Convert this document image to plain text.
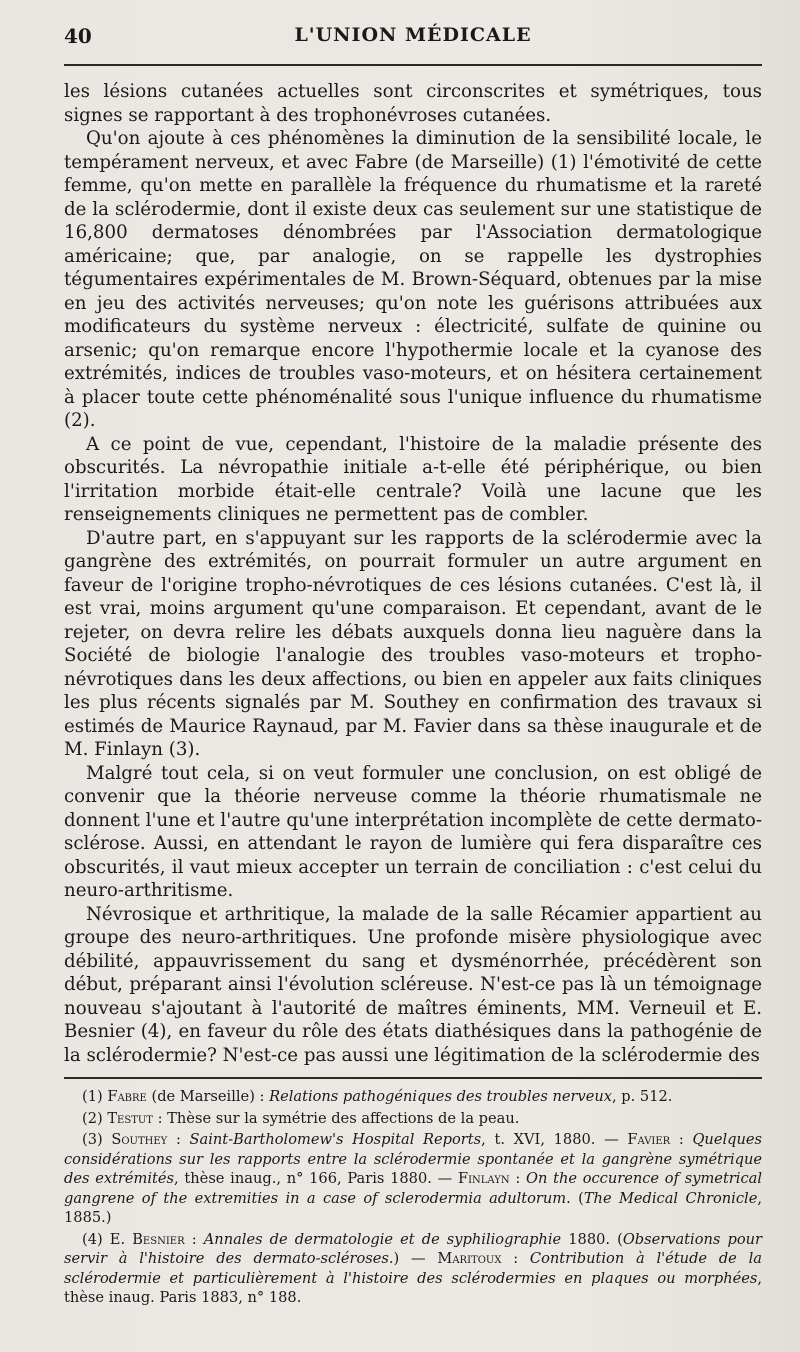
40	L'UNION MÉDICALE

les lésions cutanées actuelles sont circonscrites et symétriques, tous signes se rapportant à des trophonévroses cutanées.

Qu'on ajoute à ces phénomènes la diminution de la sensibilité locale, le tempérament nerveux, et avec Fabre (de Marseille) (1) l'émotivité de cette femme, qu'on mette en parallèle la fréquence du rhumatisme et la rareté de la sclérodermie, dont il existe deux cas seulement sur une statistique de 16,800 dermatoses dénombrées par l'Association dermatologique américaine; que, par analogie, on se rappelle les dystrophies tégumentaires expérimentales de M. Brown-Séquard, obtenues par la mise en jeu des activités nerveuses; qu'on note les guérisons attribuées aux modificateurs du système nerveux : électricité, sulfate de quinine ou arsenic; qu'on remarque encore l'hypothermie locale et la cyanose des extrémités, indices de troubles vaso-moteurs, et on hésitera certainement à placer toute cette phénoménalité sous l'unique influence du rhumatisme (2).

A ce point de vue, cependant, l'histoire de la maladie présente des obscurités. La névropathie initiale a-t-elle été périphérique, ou bien l'irritation morbide était-elle centrale? Voilà une lacune que les renseignements cliniques ne permettent pas de combler.

D'autre part, en s'appuyant sur les rapports de la sclérodermie avec la gangrène des extrémités, on pourrait formuler un autre argument en faveur de l'origine tropho-névrotiques de ces lésions cutanées. C'est là, il est vrai, moins argument qu'une comparaison. Et cependant, avant de le rejeter, on devra relire les débats auxquels donna lieu naguère dans la Société de biologie l'analogie des troubles vaso-moteurs et tropho-névrotiques dans les deux affections, ou bien en appeler aux faits cliniques les plus récents signalés par M. Southey en confirmation des travaux si estimés de Maurice Raynaud, par M. Favier dans sa thèse inaugurale et de M. Finlayn (3).

Malgré tout cela, si on veut formuler une conclusion, on est obligé de convenir que la théorie nerveuse comme la théorie rhumatismale ne donnent l'une et l'autre qu'une interprétation incomplète de cette dermato-sclérose. Aussi, en attendant le rayon de lumière qui fera disparaître ces obscurités, il vaut mieux accepter un terrain de conciliation : c'est celui du neuro-arthritisme.

Névrosique et arthritique, la malade de la salle Récamier appartient au groupe des neuro-arthritiques. Une profonde misère physiologique avec débilité, appauvrissement du sang et dysménorrhée, précédèrent son début, préparant ainsi l'évolution scléreuse. N'est-ce pas là un témoignage nouveau s'ajoutant à l'autorité de maîtres éminents, MM. Verneuil et E. Besnier (4), en faveur du rôle des états diathésiques dans la pathogénie de la sclérodermie? N'est-ce pas aussi une légitimation de la sclérodermie des

(1) Fabre (de Marseille) : Relations pathogéniques des troubles nerveux, p. 512.

(2) Testut : Thèse sur la symétrie des affections de la peau.

(3) Southey : Saint-Bartholomew's Hospital Reports, t. XVI, 1880. — Favier : Quelques considérations sur les rapports entre la sclérodermie spontanée et la gangrène symétrique des extrémités, thèse inaug., n° 166, Paris 1880. — Finlayn : On the occurence of symetrical gangrene of the extremities in a case of sclerodermia adultorum. (The Medical Chronicle, 1885.)

(4) E. Besnier : Annales de dermatologie et de syphiliographie 1880. (Observations pour servir à l'histoire des dermato-scléroses.) — Maritoux : Contribution à l'étude de la sclérodermie et particulièrement à l'histoire des sclérodermies en plaques ou morphées, thèse inaug. Paris 1883, n° 188.
